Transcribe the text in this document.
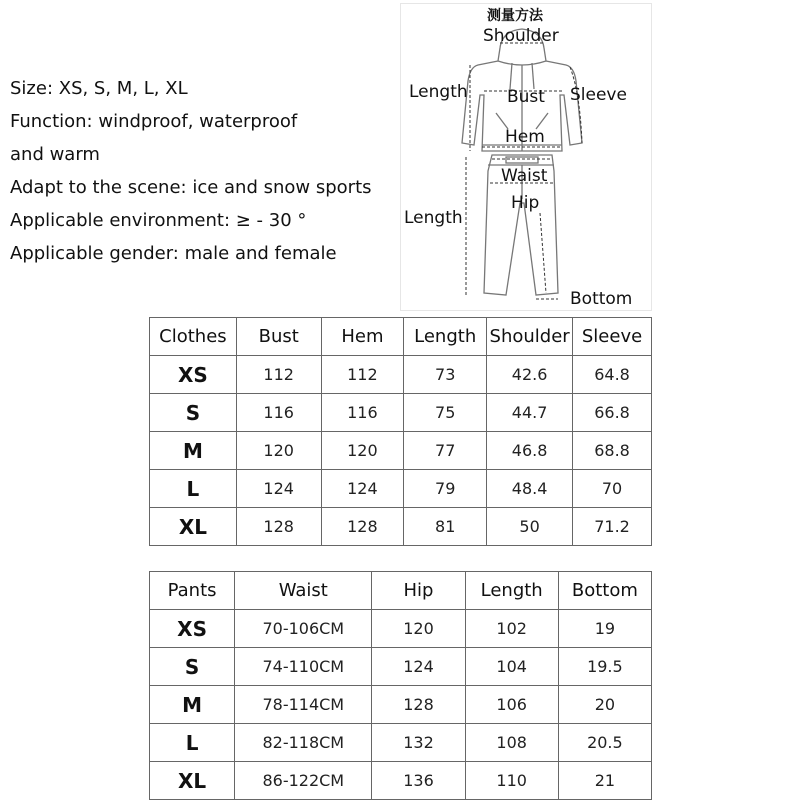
Size: XS, S, M, L, XL
Function: windproof, waterproof
and warm
Adapt to the scene: ice and snow sports
Applicable environment: ≥ - 30 °
Applicable gender: male and female
测量方法
Shoulder
Length Bust Sleeve
Hem
Waist
Hip
Length
Bottom
Clothes	Bust	Hem	Length	Shoulder	Sleeve
XS	112	112	73	42.6	64.8
S	116	116	75	44.7	66.8
M	120	120	77	46.8	68.8
L	124	124	79	48.4	70
XL	128	128	81	50	71.2
Pants	Waist	Hip	Length	Bottom
XS	70-106CM	120	102	19
S	74-110CM	124	104	19.5
M	78-114CM	128	106	20
L	82-118CM	132	108	20.5
XL	86-122CM	136	110	21
